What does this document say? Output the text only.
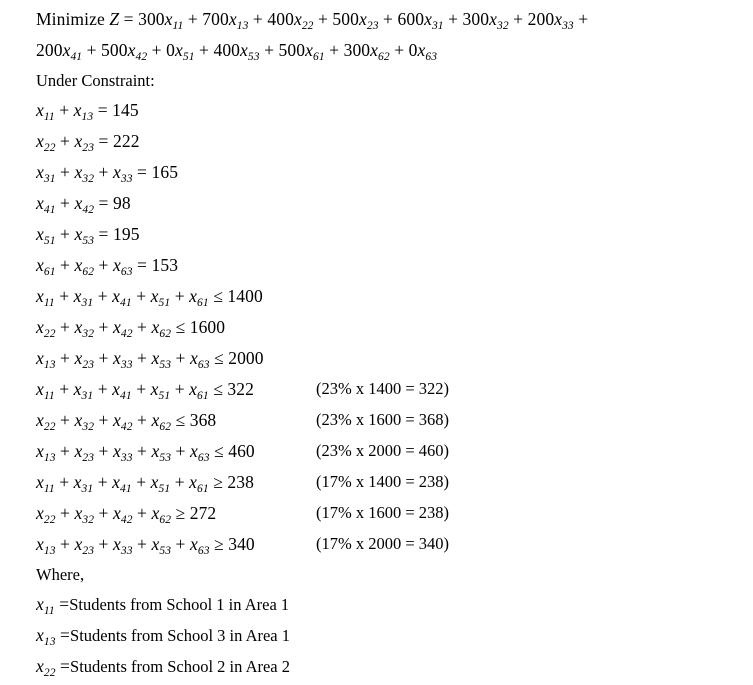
Minimize $Z = 300x_{11} + 700x_{13} + 400x_{22} + 500x_{23} + 600x_{31} + 300x_{32} + 200x_{33}$ +
$200x_{41} + 500x_{42} + 0x_{51} + 400x_{53} + 500x_{61} + 300x_{62} + 0x_{63}$
Under Constraint:
$x_{11} + x_{13} = 145$
$x_{22} + x_{23} = 222$
$x_{31} + x_{32} + x_{33} = 165$
$x_{41} + x_{42} = 98$
$x_{51} + x_{53} = 195$
$x_{61} + x_{62} + x_{63} = 153$
$x_{11} + x_{31} + x_{41} + x_{51} + x_{61} \le 1400$
$x_{22} + x_{32} + x_{42} + x_{62} \le 1600$
$x_{13} + x_{23} + x_{33} + x_{53} + x_{63} \le 2000$
$x_{11} + x_{31} + x_{41} + x_{51} + x_{61} \le 322$	(23% x 1400 = 322)
$x_{22} + x_{32} + x_{42} + x_{62} \le 368$	(23% x 1600 = 368)
$x_{13} + x_{23} + x_{33} + x_{53} + x_{63} \le 460$	(23% x 2000 = 460)
$x_{11} + x_{31} + x_{41} + x_{51} + x_{61} \ge 238$	(17% x 1400 = 238)
$x_{22} + x_{32} + x_{42} + x_{62} \ge 272$	(17% x 1600 = 238)
$x_{13} + x_{23} + x_{33} + x_{53} + x_{63} \ge 340$	(17% x 2000 = 340)
Where,
$x_{11}$ =Students from School 1 in Area 1
$x_{13}$ =Students from School 3 in Area 1
$x_{22}$ =Students from School 2 in Area 2
